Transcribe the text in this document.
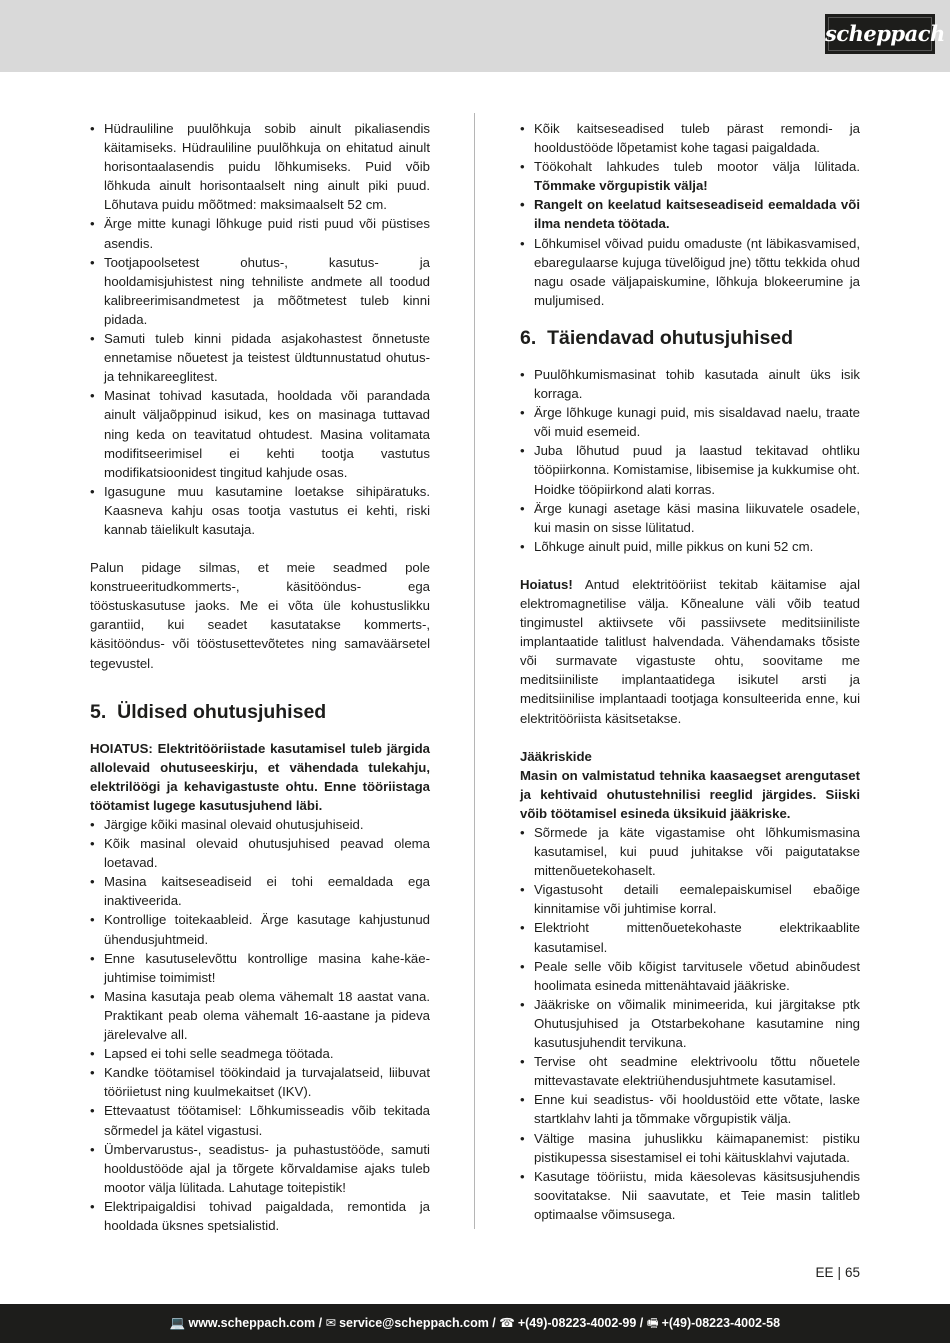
scheppach
• Hüdrauliline puulõhkuja sobib ainult pikaliasendis käitamiseks. Hüdrauliline puulõhkuja on ehitatud ainult horisontaalasendis puidu lõhkumiseks. Puid võib lõhkuda ainult horisontaalselt ning ainult piki puud. Lõhutava puidu mõõtmed: maksimaalselt 52 cm.
• Ärge mitte kunagi lõhkuge puid risti puud või püstises asendis.
• Tootjapoolsetest ohutus-, kasutus- ja hooldamisjuhistest ning tehniliste andmete all toodud kalibreerimisandmetest ja mõõtmetest tuleb kinni pidada.
• Samuti tuleb kinni pidada asjakohastest õnnetuste ennetamise nõuetest ja teistest üldtunnustatud ohutus- ja tehnikareeglitest.
• Masinat tohivad kasutada, hooldada või parandada ainult väljaõppinud isikud, kes on masinaga tuttavad ning keda on teavitatud ohtudest. Masina volitamata modifitseerimisel ei kehti tootja vastutus modifikatsioonidest tingitud kahjude osas.
• Igasugune muu kasutamine loetakse sihipäratuks. Kaasneva kahju osas tootja vastutus ei kehti, riski kannab täielikult kasutaja.

Palun pidage silmas, et meie seadmed pole konstrueeritudkommerts-, käsitööndus- ega tööstuskasutuse jaoks. Me ei võta üle kohustuslikku garantiid, kui seadet kasutatakse kommerts-, käsitööndus- või tööstusettevõtetes ning samaväärsetel tegevustel.

5. Üldised ohutusjuhised

HOIATUS: Elektritööriistade kasutamisel tuleb järgida allolevaid ohutuseeskirju, et vähendada tulekahju, elektrilöögi ja kehavigastuste ohtu. Enne tööriistaga töötamist lugege kasutusjuhend läbi.

• Järgige kõiki masinal olevaid ohutusjuhiseid.
• Kõik masinal olevaid ohutusjuhised peavad olema loetavad.
• Masina kaitseseadiseid ei tohi eemaldada ega inaktiveerida.
• Kontrollige toitekaableid. Ärge kasutage kahjustunud ühendusjuhtmeid.
• Enne kasutuselevõttu kontrollige masina kahe-käe-juhtimise toimimist!
• Masina kasutaja peab olema vähemalt 18 aastat vana. Praktikant peab olema vähemalt 16-aastane ja pideva järelevalve all.
• Lapsed ei tohi selle seadmega töötada.
• Kandke töötamisel töökindaid ja turvajalatseid, liibuvat tööriietust ning kuulmekaitset (IKV).
• Ettevaatust töötamisel: Lõhkumisseadis võib tekitada sõrmedel ja kätel vigastusi.
• Ümbervarustus-, seadistus- ja puhastustööde, samuti hooldustööde ajal ja tõrgete kõrvaldamise ajaks tuleb mootor välja lülitada. Lahutage toitepistik!
• Elektripaigaldisi tohivad paigaldada, remontida ja hooldada üksnes spetsialistid.
• Kõik kaitseseadised tuleb pärast remondi- ja hooldustööde lõpetamist kohe tagasi paigaldada.
• Töökohalt lahkudes tuleb mootor välja lülitada. Tõmmake võrgupistik välja!
• Rangelt on keelatud kaitseseadiseid eemaldada või ilma nendeta töötada.
• Lõhkumisel võivad puidu omaduste (nt läbikasvamised, ebaregulaarse kujuga tüvelõigud jne) tõttu tekkida ohud nagu osade väljapaiskumine, lõhkuja blokeerumine ja muljumised.
6. Täiendavad ohutusjuhised
• Puulõhkumismasinat tohib kasutada ainult üks isik korraga.
• Ärge lõhkuge kunagi puid, mis sisaldavad naelu, traate või muid esemeid.
• Juba lõhutud puud ja laastud tekitavad ohtliku tööpiirkonna. Komistamise, libisemise ja kukkumise oht. Hoidke tööpiirkond alati korras.
• Ärge kunagi asetage käsi masina liikuvatele osadele, kui masin on sisse lülitatud.
• Lõhkuge ainult puid, mille pikkus on kuni 52 cm.

Hoiatus! Antud elektritööriist tekitab käitamise ajal elektromagnetilise välja. Kõnealune väli võib teatud tingimustel aktiivsete või passiivsete meditsiiniliste implantaatide talitlust halvendada. Vähendamaks tõsiste või surmavate vigastuste ohtu, soovitame me meditsiiniliste implantaatidega isikutel arsti ja meditsiinilise implantaadi tootjaga konsulteerida enne, kui elektritööriista käsitsetakse.

Jääkriskide

Masin on valmistatud tehnika kaasaegset arengutaset ja kehtivaid ohutustehnilisi reeglid järgides. Siiski võib töötamisel esineda üksikuid jääkriske.

• Sõrmede ja käte vigastamise oht lõhkumismasina kasutamisel, kui puud juhitakse või paigutatakse mittenõuetekohaselt.
• Vigastusoht detaili eemalepaiskumisel ebaõige kinnitamise või juhtimise korral.
• Elektrioht mittenõuetekohaste elektrikaablite kasutamisel.
• Peale selle võib kõigist tarvitusele võetud abinõudest hoolimata esineda mittenähtavaid jääkriske.
• Jääkriske on võimalik minimeerida, kui järgitakse ptk Ohutusjuhised ja Otstarbekohane kasutamine ning kasutusjuhendit tervikuna.
• Tervise oht seadmine elektrivoolu tõttu nõuetele mittevastavate elektriühendusjuhtmete kasutamisel.
• Enne kui seadistus- või hooldustöid ette võtate, laske startklahv lahti ja tõmmake võrgupistik välja.
• Vältige masina juhuslikku käimapanemist: pistiku pistikupessa sisestamisel ei tohi käitusklahvi vajutada.
• Kasutage tööriistu, mida käesolevas käsitsusjuhendis soovitatakse. Nii saavutate, et Teie masin talitleb optimaalse võimsusega.
EE | 65
💻 www.scheppach.com / ✉ service@scheppach.com / ☎ +(49)-08223-4002-99 / 🖷 +(49)-08223-4002-58
